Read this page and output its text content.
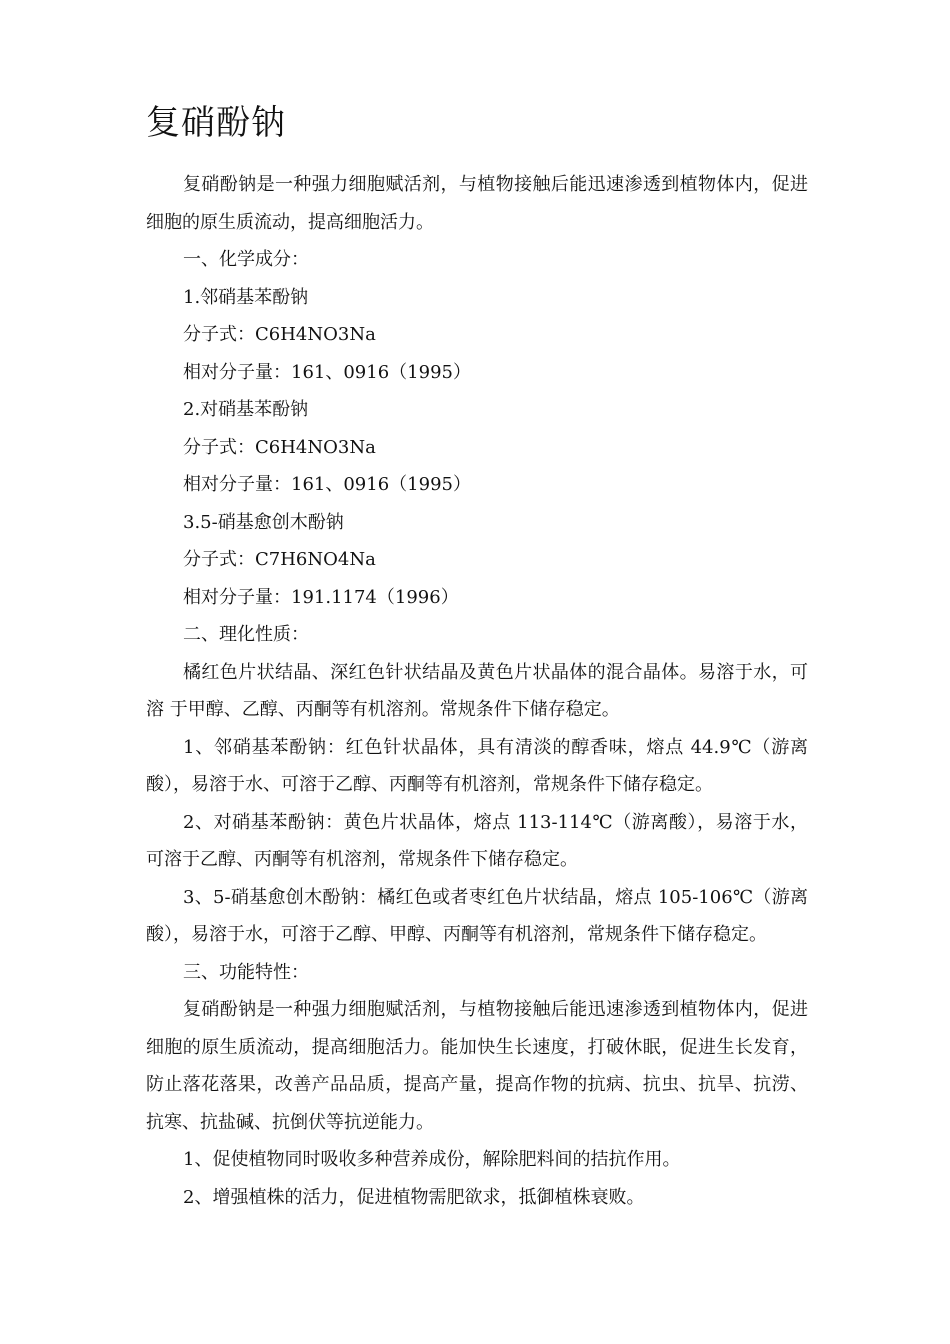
复硝酚钠

复硝酚钠是一种强力细胞赋活剂，与植物接触后能迅速渗透到植物体内，促进细胞的原生质流动，提高细胞活力。

一、化学成分：

1.邻硝基苯酚钠

分子式：C6H4NO3Na

相对分子量：161、0916（1995）

2.对硝基苯酚钠

分子式：C6H4NO3Na

相对分子量：161、0916（1995）

3.5-硝基愈创木酚钠

分子式：C7H6NO4Na

相对分子量：191.1174（1996）

二、理化性质：

橘红色片状结晶、深红色针状结晶及黄色片状晶体的混合晶体。易溶于水，可溶 于甲醇、乙醇、丙酮等有机溶剂。常规条件下储存稳定。

1、邻硝基苯酚钠：红色针状晶体，具有清淡的醇香味，熔点 44.9℃（游离酸），易溶于水、可溶于乙醇、丙酮等有机溶剂，常规条件下储存稳定。

2、对硝基苯酚钠：黄色片状晶体，熔点 113-114℃（游离酸），易溶于水，可溶于乙醇、丙酮等有机溶剂，常规条件下储存稳定。

3、5-硝基愈创木酚钠：橘红色或者枣红色片状结晶，熔点 105-106℃（游离酸），易溶于水，可溶于乙醇、甲醇、丙酮等有机溶剂，常规条件下储存稳定。

三、功能特性：

复硝酚钠是一种强力细胞赋活剂，与植物接触后能迅速渗透到植物体内，促进细胞的原生质流动，提高细胞活力。能加快生长速度，打破休眠，促进生长发育，防止落花落果，改善产品品质，提高产量，提高作物的抗病、抗虫、抗旱、抗涝、抗寒、抗盐碱、抗倒伏等抗逆能力。

1、促使植物同时吸收多种营养成份，解除肥料间的拮抗作用。

2、增强植株的活力，促进植物需肥欲求，抵御植株衰败。
